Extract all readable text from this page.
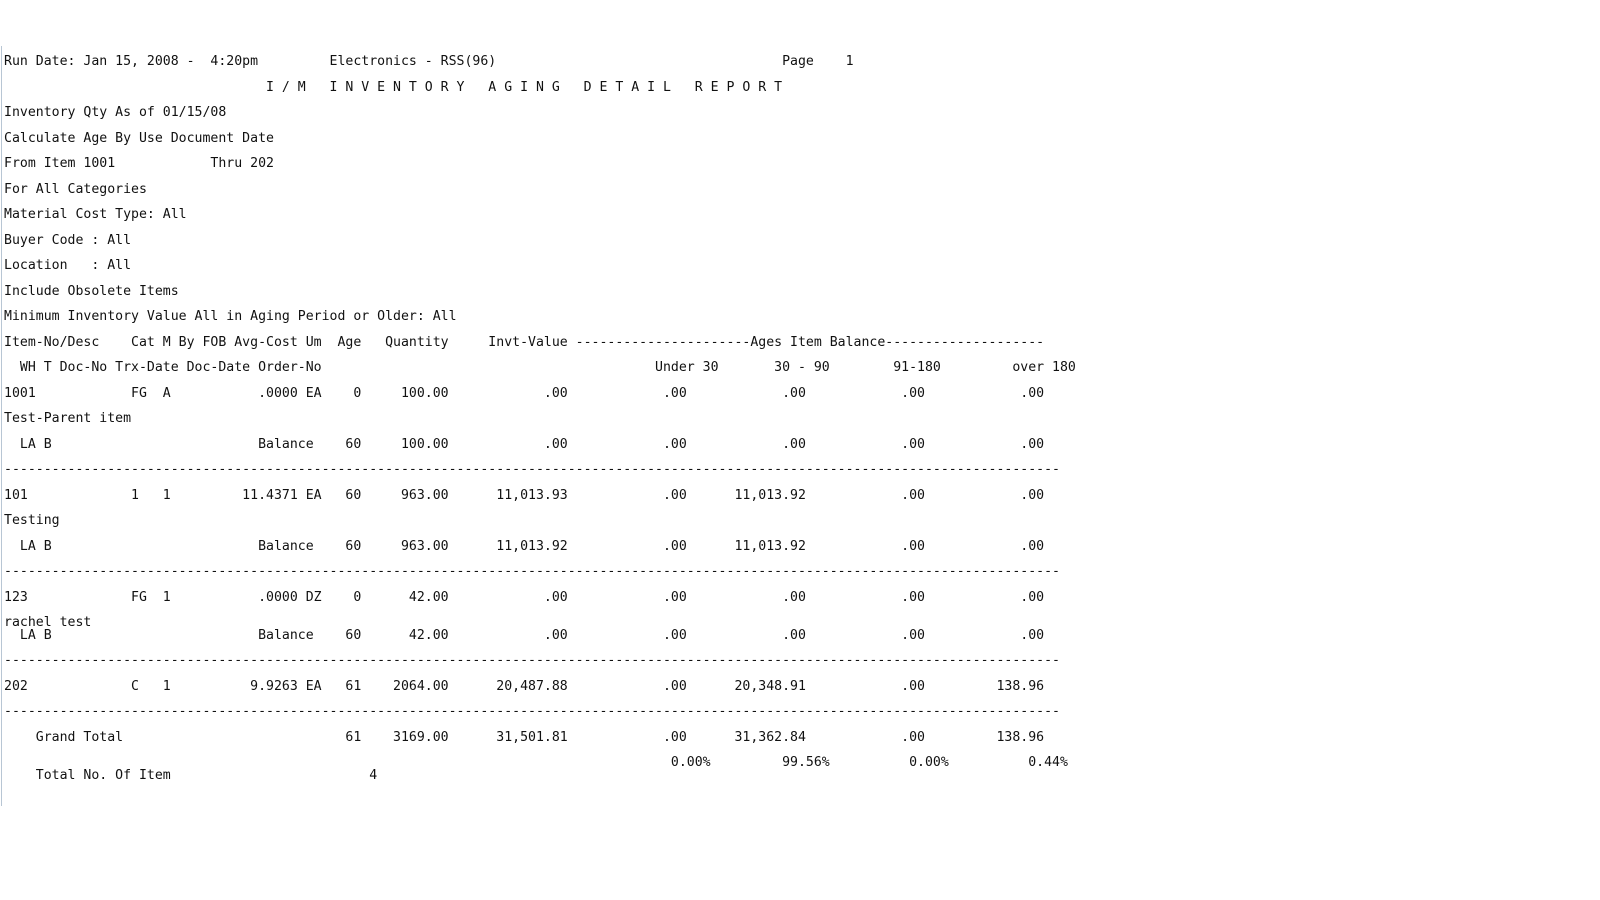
Run Date: Jan 15, 2008 -  4:20pm         Electronics - RSS(96)                                    Page    1
I / M   I N V E N T O R Y   A G I N G   D E T A I L   R E P O R T
Inventory Qty As of 01/15/08
Calculate Age By Use Document Date
From Item 1001            Thru 202
For All Categories
Material Cost Type: All
Buyer Code : All
Location   : All
Include Obsolete Items
Minimum Inventory Value All in Aging Period or Older: All
Item-No/Desc    Cat M By FOB Avg-Cost Um  Age   Quantity     Invt-Value ----------------------Ages Item Balance--------------------
WH T Doc-No Trx-Date Doc-Date Order-No                                          Under 30       30 - 90        91-180         over 180
1001            FG  A           .0000 EA    0     100.00            .00            .00            .00            .00            .00
Test-Parent item
LA B                          Balance    60     100.00            .00            .00            .00            .00            .00
-------------------------------------------------------------------------------------------------------------------------------------
101             1   1         11.4371 EA   60     963.00      11,013.93            .00      11,013.92            .00            .00
Testing
LA B                          Balance    60     963.00      11,013.92            .00      11,013.92            .00            .00
-------------------------------------------------------------------------------------------------------------------------------------
123             FG  1           .0000 DZ    0      42.00            .00            .00            .00            .00            .00
rachel test
LA B                          Balance    60      42.00            .00            .00            .00            .00            .00
-------------------------------------------------------------------------------------------------------------------------------------
202             C   1          9.9263 EA   61    2064.00      20,487.88            .00      20,348.91            .00         138.96
-------------------------------------------------------------------------------------------------------------------------------------
Grand Total                            61    3169.00      31,501.81            .00      31,362.84            .00         138.96
0.00%         99.56%          0.00%          0.44%
Total No. Of Item                         4
